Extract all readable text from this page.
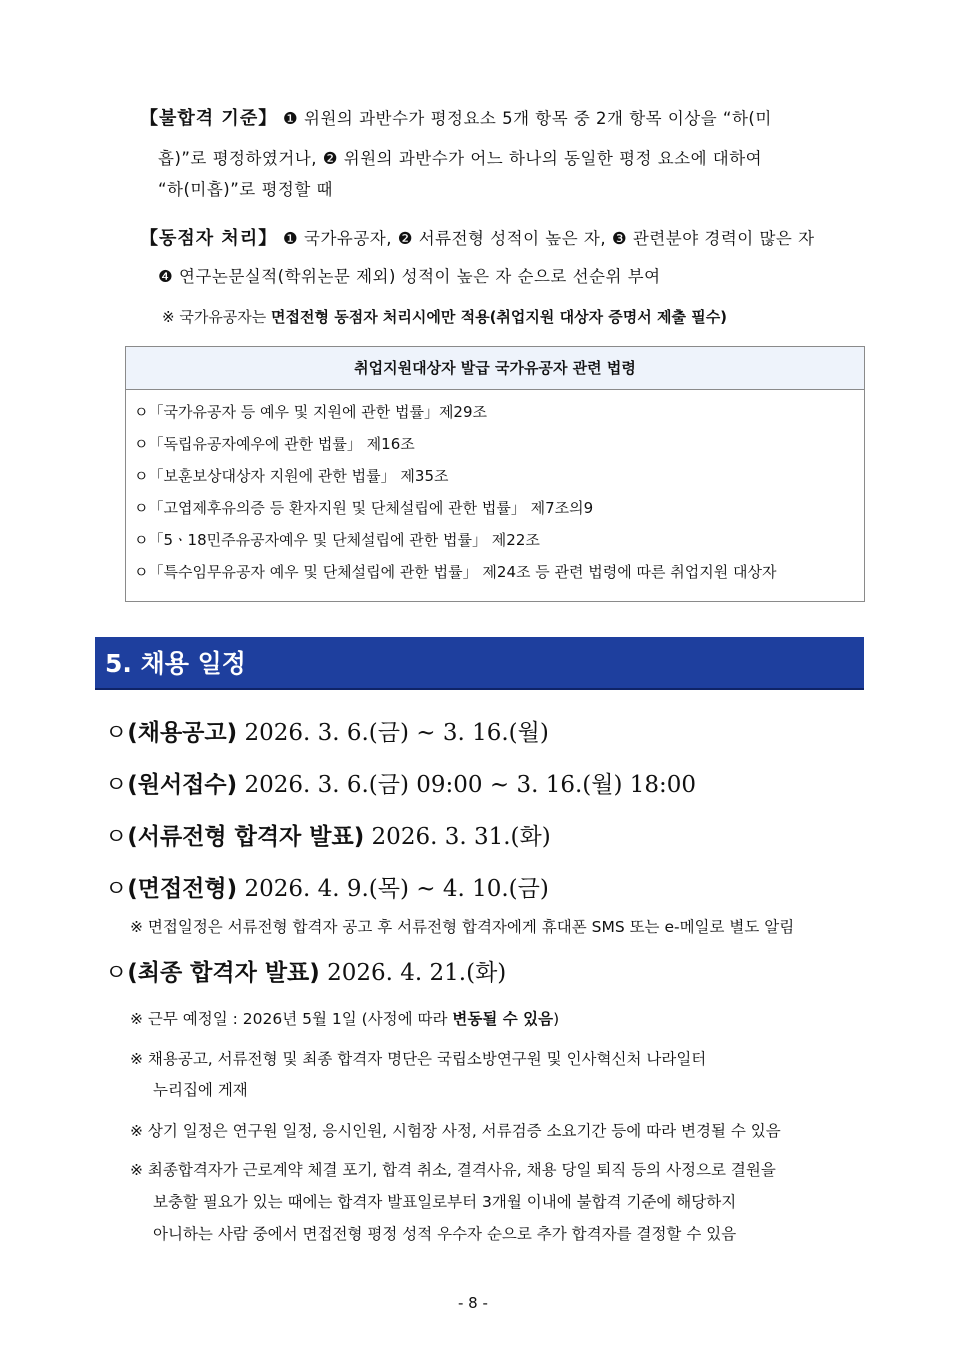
【불합격 기준】 ❶ 위원의 과반수가 평정요소 5개 항목 중 2개 항목 이상을 “하(미
흡)”로 평정하였거나, ❷ 위원의 과반수가 어느 하나의 동일한 평정 요소에 대하여
“하(미흡)”로 평정할 때
【동점자 처리】 ❶ 국가유공자, ❷ 서류전형 성적이 높은 자, ❸ 관련분야 경력이 많은 자
❹ 연구논문실적(학위논문 제외) 성적이 높은 자 순으로 선순위 부여
※ 국가유공자는 면접전형 동점자 처리시에만 적용(취업지원 대상자 증명서 제출 필수)
취업지원대상자 발급 국가유공자 관련 법령
ㅇ「국가유공자 등 예우 및 지원에 관한 법률」제29조
ㅇ「독립유공자예우에 관한 법률」 제16조
ㅇ「보훈보상대상자 지원에 관한 법률」 제35조
ㅇ「고엽제후유의증 등 환자지원 및 단체설립에 관한 법률」 제7조의9
ㅇ「5ㆍ18민주유공자예우 및 단체설립에 관한 법률」 제22조
ㅇ「특수임무유공자 예우 및 단체설립에 관한 법률」 제24조 등 관련 법령에 따른 취업지원 대상자
5. 채용 일정
ㅇ(채용공고) 2026. 3. 6.(금) ~ 3. 16.(월)
ㅇ(원서접수) 2026. 3. 6.(금) 09:00 ~ 3. 16.(월) 18:00
ㅇ(서류전형 합격자 발표) 2026. 3. 31.(화)
ㅇ(면접전형) 2026. 4. 9.(목) ~ 4. 10.(금)
※ 면접일정은 서류전형 합격자 공고 후 서류전형 합격자에게 휴대폰 SMS 또는 e-메일로 별도 알림
ㅇ(최종 합격자 발표) 2026. 4. 21.(화)
※ 근무 예정일 : 2026년 5월 1일 (사정에 따라 변동될 수 있음)
※ 채용공고, 서류전형 및 최종 합격자 명단은 국립소방연구원 및 인사혁신처 나라일터
누리집에 게재
※ 상기 일정은 연구원 일정, 응시인원, 시험장 사정, 서류검증 소요기간 등에 따라 변경될 수 있음
※ 최종합격자가 근로계약 체결 포기, 합격 취소, 결격사유, 채용 당일 퇴직 등의 사정으로 결원을
보충할 필요가 있는 때에는 합격자 발표일로부터 3개월 이내에 불합격 기준에 해당하지
아니하는 사람 중에서 면접전형 평정 성적 우수자 순으로 추가 합격자를 결정할 수 있음
- 8 -
